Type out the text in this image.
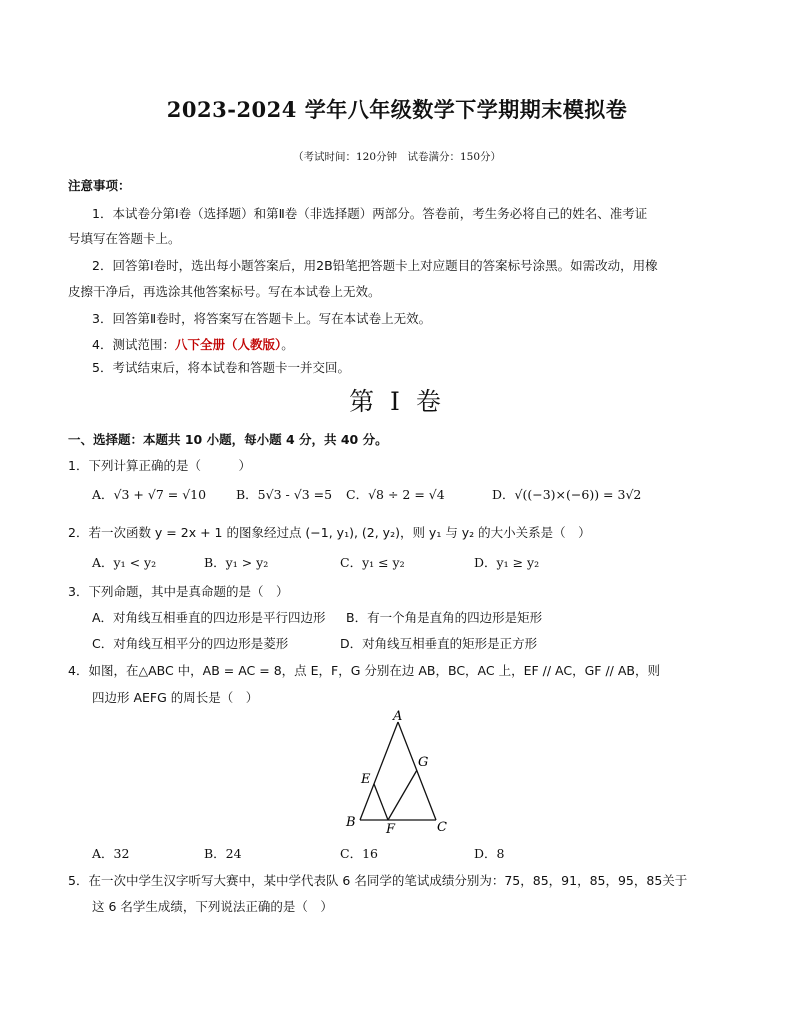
2023-2024 学年八年级数学下学期期末模拟卷
（考试时间：120分钟　试卷满分：150分）
注意事项：
1．本试卷分第Ⅰ卷（选择题）和第Ⅱ卷（非选择题）两部分。答卷前，考生务必将自己的姓名、准考证
号填写在答题卡上。
2．回答第Ⅰ卷时，选出每小题答案后，用2B铅笔把答题卡上对应题目的答案标号涂黑。如需改动，用橡
皮擦干净后，再选涂其他答案标号。写在本试卷上无效。
3．回答第Ⅱ卷时，将答案写在答题卡上。写在本试卷上无效。
4．测试范围：八下全册（人教版）。
5．考试结束后，将本试卷和答题卡一并交回。
第 I 卷
一、选择题：本题共 10 小题，每小题 4 分，共 40 分。
1．下列计算正确的是（　　　）
A．√3 + √7 = √10 B．5√3 - √3 =5 C．√8 ÷ 2 = √4	D．√((−3)×(−6)) = 3√2
2．若一次函数 y = 2x + 1 的图象经过点 (−1, y₁), (2, y₂)，则 y₁ 与 y₂ 的大小关系是（　）
A．y₁ < y₂	B．y₁ > y₂	C．y₁ ≤ y₂	D．y₁ ≥ y₂
3．下列命题，其中是真命题的是（　）
A．对角线互相垂直的四边形是平行四边形 B．有一个角是直角的四边形是矩形
C．对角线互相平分的四边形是菱形	D．对角线互相垂直的矩形是正方形
4．如图，在△ABC 中，AB = AC = 8，点 E，F，G 分别在边 AB，BC，AC 上，EF // AC，GF // AB，则
四边形 AEFG 的周长是（　）
A
B	C
E
F
G
A．32	B．24	C．16	D．8
5．在一次中学生汉字听写大赛中，某中学代表队 6 名同学的笔试成绩分别为：75，85，91，85，95，85关于
这 6 名学生成绩，下列说法正确的是（　）
